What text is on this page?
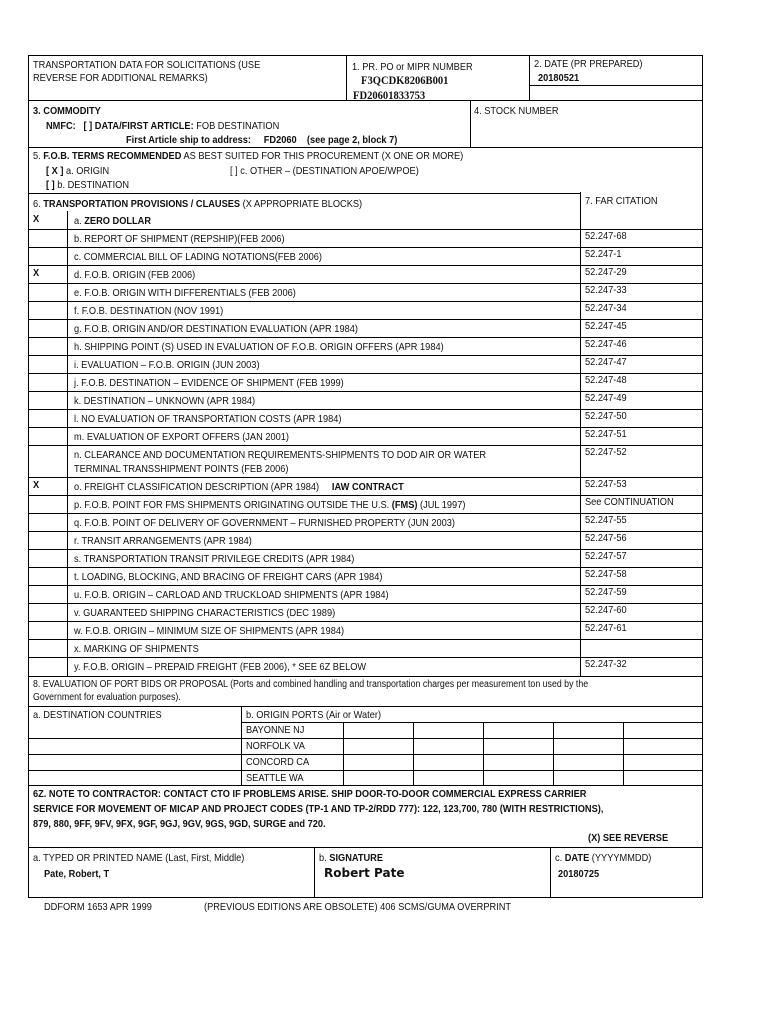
TRANSPORTATION DATA FOR SOLICITATIONS (USE
REVERSE FOR ADDITIONAL REMARKS)
1. PR. PO or MIPR NUMBER
F3QCDK8206B001
FD20601833753
2. DATE (PR PREPARED)
20180521
3. COMMODITY	4. STOCK NUMBER
NMFC: [ ] DATA/FIRST ARTICLE: FOB DESTINATION
First Article ship to address: FD2060 (see page 2, block 7)
5. F.O.B. TERMS RECOMMENDED AS BEST SUITED FOR THIS PROCUREMENT (X ONE OR MORE)
[ X ] a. ORIGIN	[ ] c. OTHER – (DESTINATION APOE/WPOE)
[ ] b. DESTINATION
6. TRANSPORTATION PROVISIONS / CLAUSES (X APPROPRIATE BLOCKS)	7. FAR CITATION
8. EVALUATION OF PORT BIDS OR PROPOSAL (Ports and combined handling and transportation charges per measurement ton used by the
Government for evaluation purposes).
a. DESTINATION COUNTRIES	b. ORIGIN PORTS (Air or Water)
6Z. NOTE TO CONTRACTOR: CONTACT CTO IF PROBLEMS ARISE. SHIP DOOR-TO-DOOR COMMERCIAL EXPRESS CARRIER
SERVICE FOR MOVEMENT OF MICAP AND PROJECT CODES (TP-1 AND TP-2/RDD 777): 122, 123,700, 780 (WITH RESTRICTIONS),
879, 880, 9FF, 9FV, 9FX, 9GF, 9GJ, 9GV, 9GS, 9GD, SURGE and 720.
(X) SEE REVERSE
a. TYPED OR PRINTED NAME (Last, First, Middle)
Pate, Robert, T
b. SIGNATURE
Robert Pate
c. DATE (YYYYMMDD)
20180725
DDFORM 1653 APR 1999	(PREVIOUS EDITIONS ARE OBSOLETE) 406 SCMS/GUMA OVERPRINT
X	a. ZERO DOLLAR
b. REPORT OF SHIPMENT (REPSHIP)(FEB 2006)	52.247-68
c. COMMERCIAL BILL OF LADING NOTATIONS(FEB 2006)	52.247-1
X	d. F.O.B. ORIGIN (FEB 2006)	52.247-29
e. F.O.B. ORIGIN WITH DIFFERENTIALS (FEB 2006)	52.247-33
f. F.O.B. DESTINATION (NOV 1991)	52.247-34
g. F.O.B. ORIGIN AND/OR DESTINATION EVALUATION (APR 1984)	52.247-45
h. SHIPPING POINT (S) USED IN EVALUATION OF F.O.B. ORIGIN OFFERS (APR 1984)	52.247-46
i. EVALUATION – F.O.B. ORIGIN (JUN 2003)	52.247-47
j. F.O.B. DESTINATION – EVIDENCE OF SHIPMENT (FEB 1999)	52.247-48
k. DESTINATION – UNKNOWN (APR 1984)	52.247-49
l. NO EVALUATION OF TRANSPORTATION COSTS (APR 1984)	52.247-50
m. EVALUATION OF EXPORT OFFERS (JAN 2001)	52.247-51
n. CLEARANCE AND DOCUMENTATION REQUIREMENTS-SHIPMENTS TO DOD AIR OR WATER
TERMINAL TRANSSHIPMENT POINTS (FEB 2006)
52.247-52
X	o. FREIGHT CLASSIFICATION DESCRIPTION (APR 1984) IAW CONTRACT	52.247-53
p. F.O.B. POINT FOR FMS SHIPMENTS ORIGINATING OUTSIDE THE U.S. (FMS) (JUL 1997)	See CONTINUATION
q. F.O.B. POINT OF DELIVERY OF GOVERNMENT – FURNISHED PROPERTY (JUN 2003)	52.247-55
r. TRANSIT ARRANGEMENTS (APR 1984)	52.247-56
s. TRANSPORTATION TRANSIT PRIVILEGE CREDITS (APR 1984)	52.247-57
t. LOADING, BLOCKING, AND BRACING OF FREIGHT CARS (APR 1984)	52.247-58
u. F.O.B. ORIGIN – CARLOAD AND TRUCKLOAD SHIPMENTS (APR 1984)	52.247-59
v. GUARANTEED SHIPPING CHARACTERISTICS (DEC 1989)	52.247-60
w. F.O.B. ORIGIN – MINIMUM SIZE OF SHIPMENTS (APR 1984)	52.247-61
x. MARKING OF SHIPMENTS
y. F.O.B. ORIGIN – PREPAID FREIGHT (FEB 2006), * SEE 6Z BELOW	52.247-32
BAYONNE NJ
NORFOLK VA
CONCORD CA
SEATTLE WA
